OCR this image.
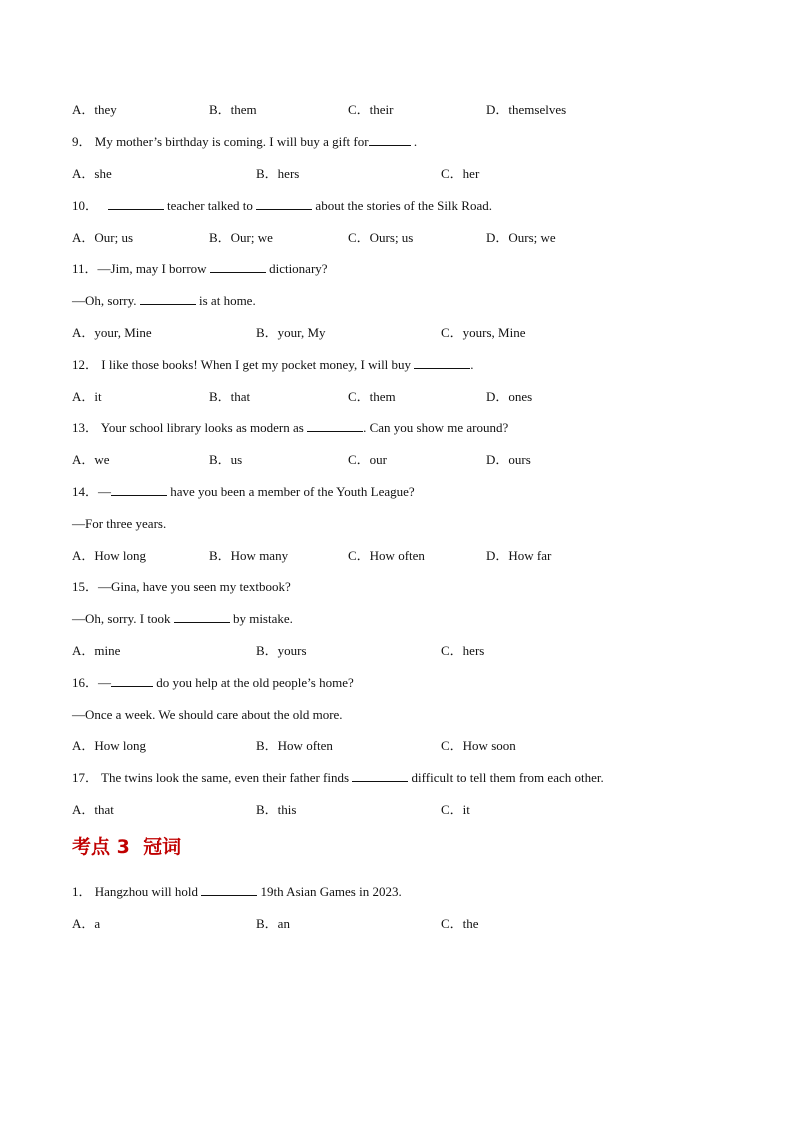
A．they	B．them	C．their	D．themselves
9． My mother’s birthday is coming. I will buy a gift for	.
A．she	B．hers	C．her
10．	teacher talked to	about the stories of the Silk Road.
A．Our; us	B．Our; we	C．Ours; us	D．Ours; we
11．—Jim, may I borrow	dictionary?
—Oh, sorry.	is at home.
A．your, Mine	B．your, My	C．yours, Mine
12． I like those books! When I get my pocket money, I will buy	.
A．it	B．that	C．them	D．ones
13． Your school library looks as modern as	. Can you show me around?
A．we	B．us	C．our	D．ours
14．—	have you been a member of the Youth League?
—For three years.
A．How long	B．How many	C．How often	D．How far
15．—Gina, have you seen my textbook?
—Oh, sorry. I took	by mistake.
A．mine	B．yours	C．hers
16．—	do you help at the old people’s home?
—Once a week. We should care about the old more.
A．How long	B．How often	C．How soon
17． The twins look the same, even their father finds	difficult to tell them from each other.
A．that	B．this	C．it
考点 3  冠词
1． Hangzhou will hold	19th Asian Games in 2023.
A．a	B．an	C．the
